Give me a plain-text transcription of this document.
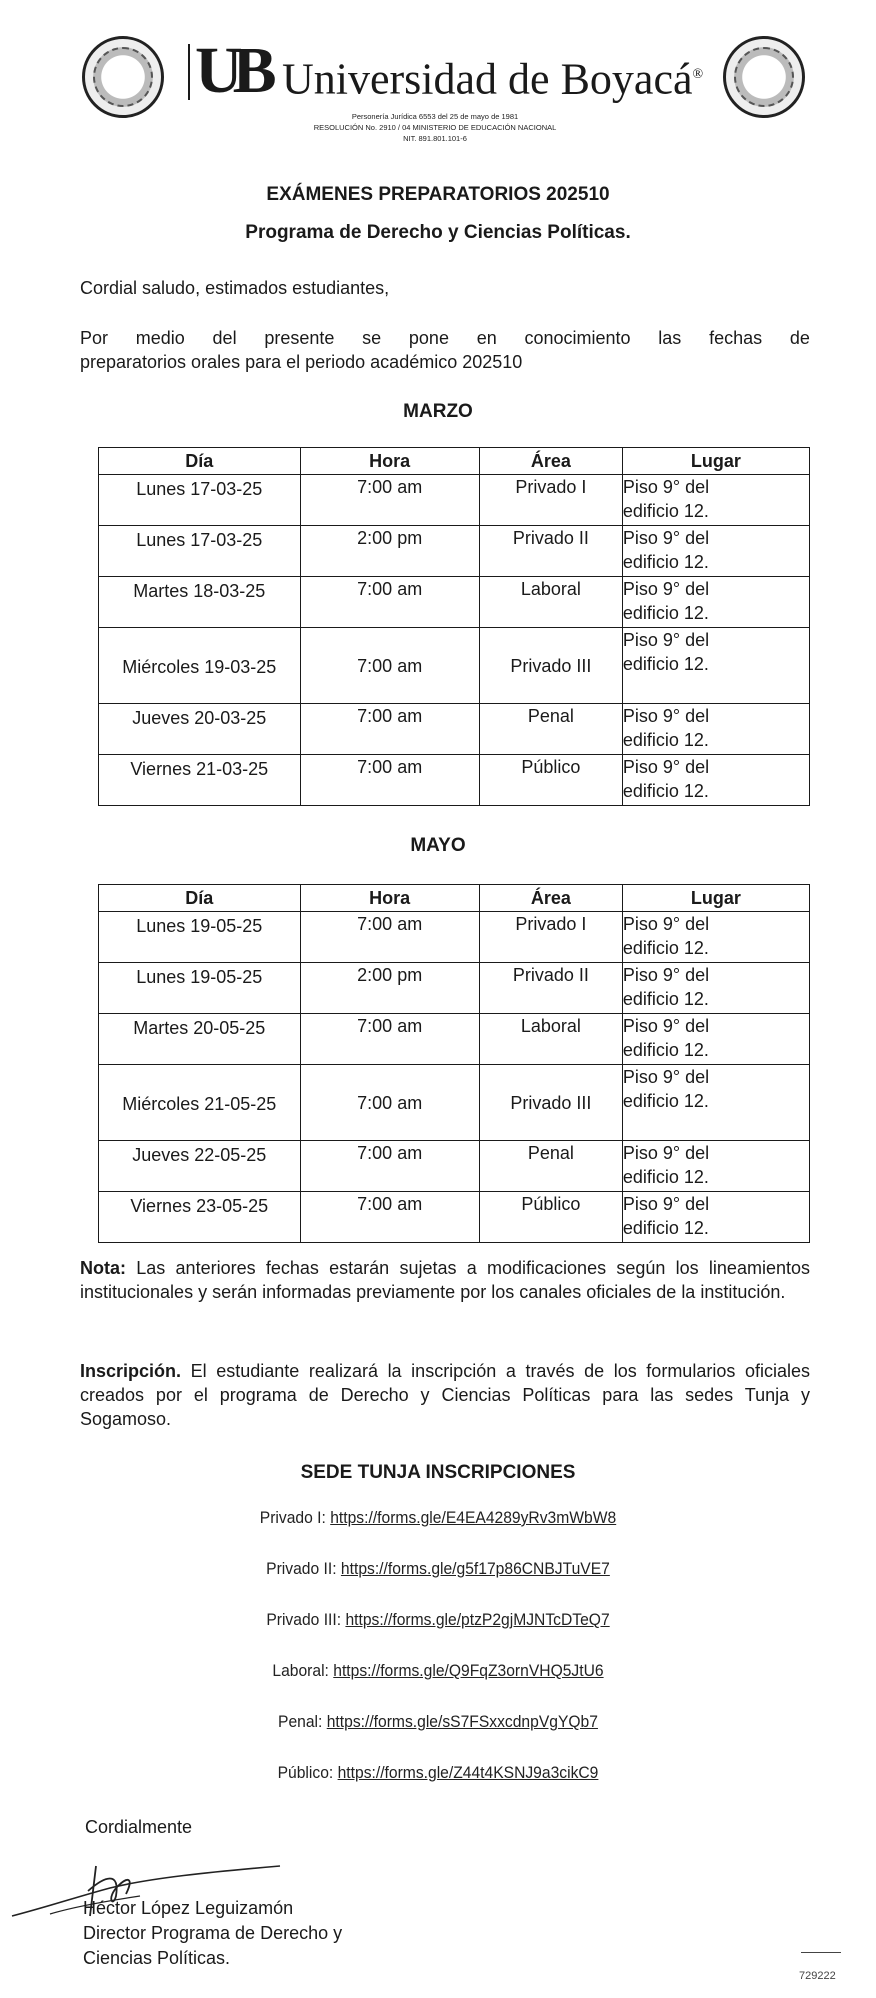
UB Universidad de Boyacá®
Personería Jurídica 6553 del 25 de mayo de 1981
RESOLUCIÓN No. 2910 / 04 MINISTERIO DE EDUCACIÓN NACIONAL
NIT. 891.801.101-6
EXÁMENES PREPARATORIOS 202510
Programa de Derecho y Ciencias Políticas.
Cordial saludo, estimados estudiantes,
Por medio del presente se pone en conocimiento las fechas de
preparatorios orales para el periodo académico 202510
MARZO
Día	Hora	Área	Lugar
Lunes 17-03-25	7:00 am	Privado I	Piso 9° del edificio 12.

Lunes 17-03-25	2:00 pm	Privado II	Piso 9° del edificio 12.

Martes 18-03-25	7:00 am	Laboral	Piso 9° del edificio 12.

Miércoles 19-03-25	7:00 am	Privado III	Piso 9° del edificio 12.

Jueves 20-03-25	7:00 am	Penal	Piso 9° del edificio 12.

Viernes 21-03-25	7:00 am	Público	Piso 9° del edificio 12.
MAYO
Día	Hora	Área	Lugar
Lunes 19-05-25	7:00 am	Privado I	Piso 9° del edificio 12.

Lunes 19-05-25	2:00 pm	Privado II	Piso 9° del edificio 12.

Martes 20-05-25	7:00 am	Laboral	Piso 9° del edificio 12.

Miércoles 21-05-25	7:00 am	Privado III	Piso 9° del edificio 12.

Jueves 22-05-25	7:00 am	Penal	Piso 9° del edificio 12.

Viernes 23-05-25	7:00 am	Público	Piso 9° del edificio 12.
Nota: Las anteriores fechas estarán sujetas a modificaciones según los lineamientos institucionales y serán informadas previamente por los canales oficiales de la institución.
Inscripción. El estudiante realizará la inscripción a través de los formularios oficiales creados por el programa de Derecho y Ciencias Políticas para las sedes Tunja y Sogamoso.
SEDE TUNJA INSCRIPCIONES
Privado I: https://forms.gle/E4EA4289yRv3mWbW8
Privado II: https://forms.gle/g5f17p86CNBJTuVE7
Privado III: https://forms.gle/ptzP2gjMJNTcDTeQ7
Laboral: https://forms.gle/Q9FqZ3ornVHQ5JtU6
Penal: https://forms.gle/sS7FSxxcdnpVgYQb7
Público: https://forms.gle/Z44t4KSNJ9a3cikC9
Cordialmente
Héctor López Leguizamón
Director Programa de Derecho y
Ciencias Políticas.
729222
